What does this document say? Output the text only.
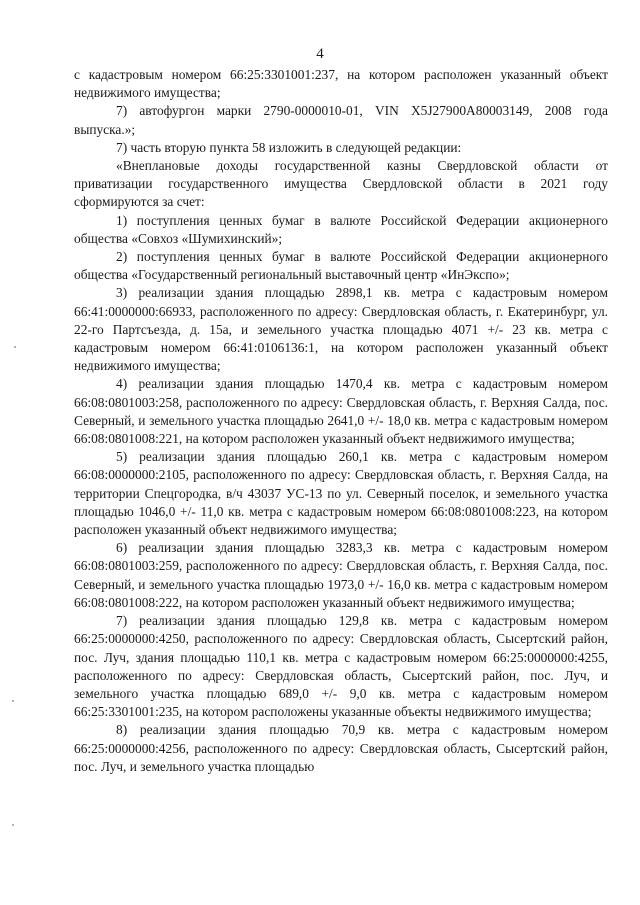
4

с кадастровым номером 66:25:3301001:237, на котором расположен указанный объект недвижимого имущества;

7) автофургон марки 2790-0000010-01, VIN X5J27900A80003149, 2008 года выпуска.»;

7) часть вторую пункта 58 изложить в следующей редакции:

«Внеплановые доходы государственной казны Свердловской области от приватизации государственного имущества Свердловской области в 2021 году сформируются за счет:

1) поступления ценных бумаг в валюте Российской Федерации акционерного общества «Совхоз «Шумихинский»;

2) поступления ценных бумаг в валюте Российской Федерации акционерного общества «Государственный региональный выставочный центр «ИнЭкспо»;

3) реализации здания площадью 2898,1 кв. метра с кадастровым номером 66:41:0000000:66933, расположенного по адресу: Свердловская область, г. Екатеринбург, ул. 22-го Партсъезда, д. 15а, и земельного участка площадью 4071 +/- 23 кв. метра с кадастровым номером 66:41:0106136:1, на котором расположен указанный объект недвижимого имущества;

4) реализации здания площадью 1470,4 кв. метра с кадастровым номером 66:08:0801003:258, расположенного по адресу: Свердловская область, г. Верхняя Салда, пос. Северный, и земельного участка площадью 2641,0 +/- 18,0 кв. метра с кадастровым номером 66:08:0801008:221, на котором расположен указанный объект недвижимого имущества;

5) реализации здания площадью 260,1 кв. метра с кадастровым номером 66:08:0000000:2105, расположенного по адресу: Свердловская область, г. Верхняя Салда, на территории Спецгородка, в/ч 43037 УС-13 по ул. Северный поселок, и земельного участка площадью 1046,0 +/- 11,0 кв. метра с кадастровым номером 66:08:0801008:223, на котором расположен указанный объект недвижимого имущества;

6) реализации здания площадью 3283,3 кв. метра с кадастровым номером 66:08:0801003:259, расположенного по адресу: Свердловская область, г. Верхняя Салда, пос. Северный, и земельного участка площадью 1973,0 +/- 16,0 кв. метра с кадастровым номером 66:08:0801008:222, на котором расположен указанный объект недвижимого имущества;

7) реализации здания площадью 129,8 кв. метра с кадастровым номером 66:25:0000000:4250, расположенного по адресу: Свердловская область, Сысертский район, пос. Луч, здания площадью 110,1 кв. метра с кадастровым номером 66:25:0000000:4255, расположенного по адресу: Свердловская область, Сысертский район, пос. Луч, и земельного участка площадью 689,0 +/- 9,0 кв. метра с кадастровым номером 66:25:3301001:235, на котором расположены указанные объекты недвижимого имущества;

8) реализации здания площадью 70,9 кв. метра с кадастровым номером 66:25:0000000:4256, расположенного по адресу: Свердловская область, Сысертский район, пос. Луч, и земельного участка площадью
